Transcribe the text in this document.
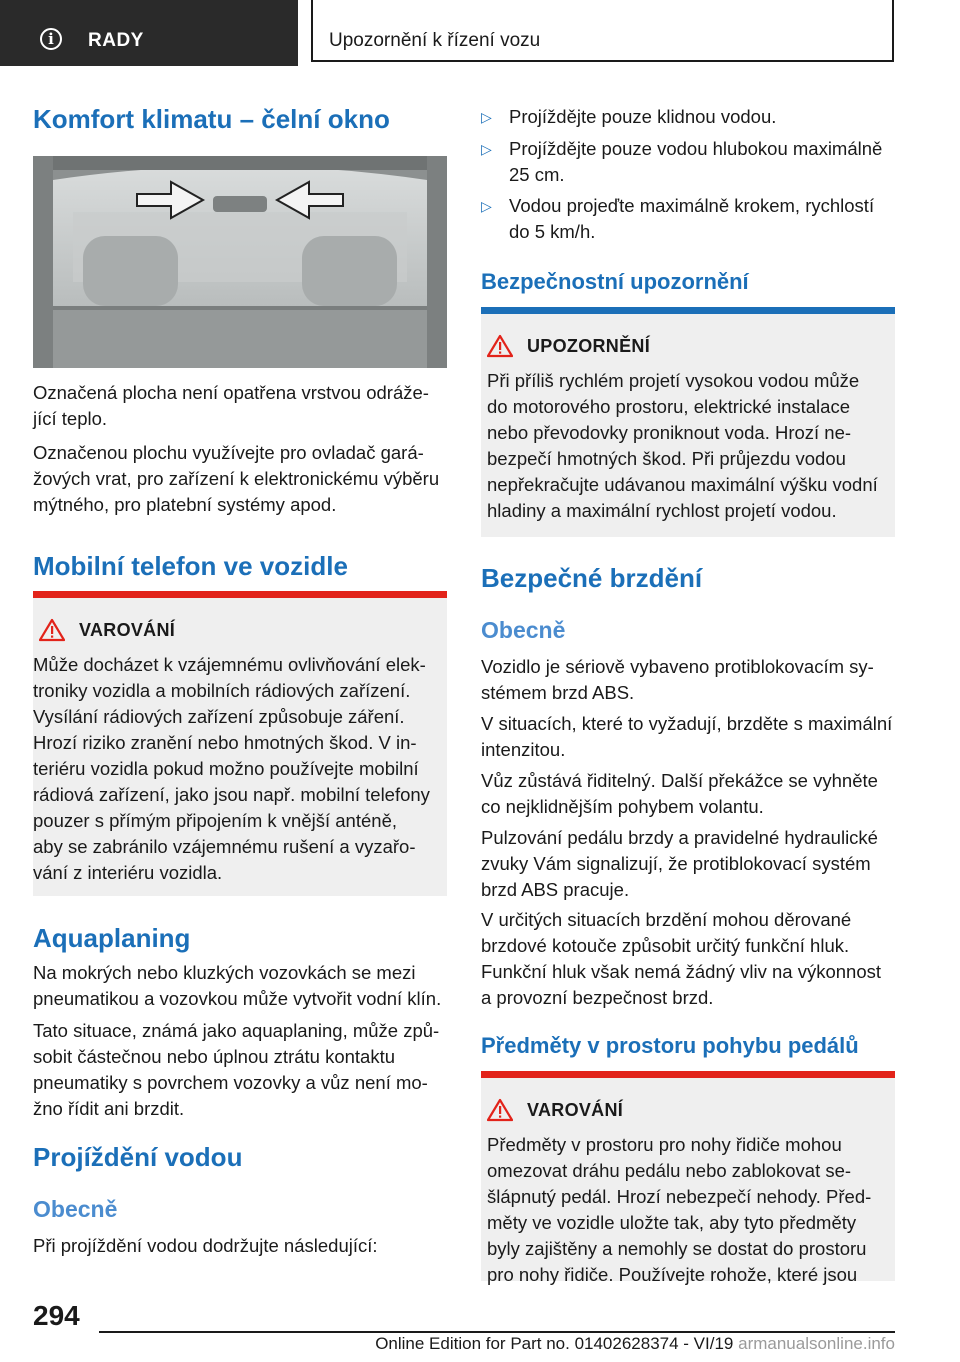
i	RADY	Upozornění k řízení vozu
Komfort klimatu – čelní okno

Označená plocha není opatřena vrstvou odráže-
jící teplo.

Označenou plochu využívejte pro ovladač gará-
žových vrat, pro zařízení k elektronickému výběru
mýtného, pro platební systémy apod.

Mobilní telefon ve vozidle
VAROVÁNÍ

Může docházet k vzájemnému ovlivňování elek-
troniky vozidla a mobilních rádiových zařízení.
Vysílání rádiových zařízení způsobuje záření.
Hrozí riziko zranění nebo hmotných škod. V in-
teriéru vozidla pokud možno používejte mobilní
rádiová zařízení, jako jsou např. mobilní telefony
pouzer s přímým připojením k vnější anténě,
aby se zabránilo vzájemnému rušení a vyzařo-
vání z interiéru vozidla.

Aquaplaning

Na mokrých nebo kluzkých vozovkách se mezi
pneumatikou a vozovkou může vytvořit vodní klín.

Tato situace, známá jako aquaplaning, může způ-
sobit částečnou nebo úplnou ztrátu kontaktu
pneumatiky s povrchem vozovky a vůz není mo-
žno řídit ani brzdit.

Projíždění vodou
Obecně

Při projíždění vodou dodržujte následující:

▷ Projíždějte pouze klidnou vodou.
▷ Projíždějte pouze vodou hlubokou maximálně
25 cm.
▷ Vodou projeďte maximálně krokem, rychlostí
do 5 km/h.
Bezpečnostní upozornění
UPOZORNĚNÍ

Při příliš rychlém projetí vysokou vodou může
do motorového prostoru, elektrické instalace
nebo převodovky proniknout voda. Hrozí ne-
bezpečí hmotných škod. Při průjezdu vodou
nepřekračujte udávanou maximální výšku vodní
hladiny a maximální rychlost projetí vodou.

Bezpečné brzdění
Obecně

Vozidlo je sériově vybaveno protiblokovacím sy-
stémem brzd ABS.

V situacích, které to vyžadují, brzděte s maximální
intenzitou.

Vůz zůstává řiditelný. Další překážce se vyhněte
co nejklidnějším pohybem volantu.

Pulzování pedálu brzdy a pravidelné hydraulické
zvuky Vám signalizují, že protiblokovací systém
brzd ABS pracuje.

V určitých situacích brzdění mohou děrované
brzdové kotouče způsobit určitý funkční hluk.
Funkční hluk však nemá žádný vliv na výkonnost
a provozní bezpečnost brzd.

Předměty v prostoru pohybu pedálů
VAROVÁNÍ

Předměty v prostoru pro nohy řidiče mohou
omezovat dráhu pedálu nebo zablokovat se-
šlápnutý pedál. Hrozí nebezpečí nehody. Před-
měty ve vozidle uložte tak, aby tyto předměty
byly zajištěny a nemohly se dostat do prostoru
pro nohy řidiče. Používejte rohože, které jsou

294
Online Edition for Part no. 01402628374 - VI/19 armanualsonline.info
